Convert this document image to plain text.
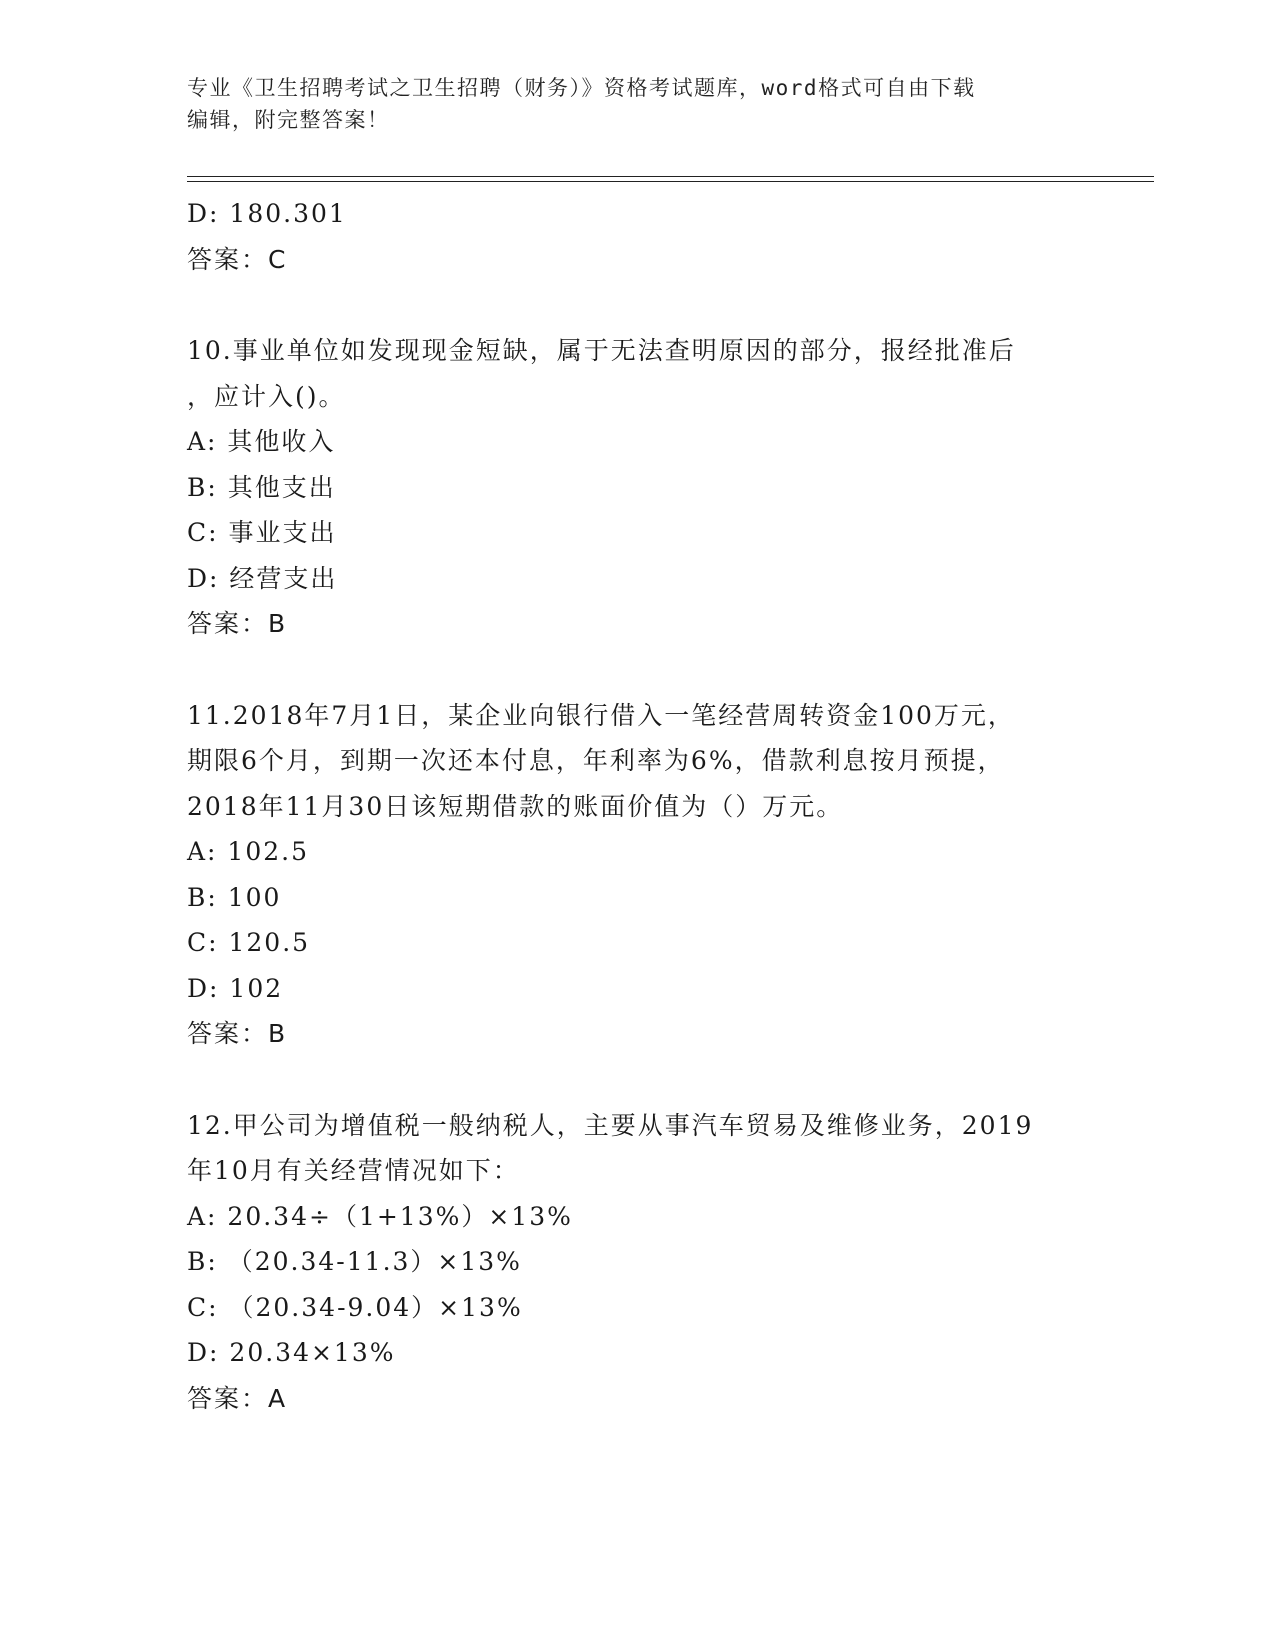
专业《卫生招聘考试之卫生招聘（财务）》资格考试题库，word格式可自由下载
编辑，附完整答案！
D: 180.301
答案：C
10.事业单位如发现现金短缺，属于无法查明原因的部分，报经批准后
，应计入()。
A: 其他收入
B: 其他支出
C: 事业支出
D: 经营支出
答案：B
11.2018年7月1日，某企业向银行借入一笔经营周转资金100万元，
期限6个月，到期一次还本付息，年利率为6%，借款利息按月预提，
2018年11月30日该短期借款的账面价值为（）万元。
A: 102.5
B: 100
C: 120.5
D: 102
答案：B
12.甲公司为增值税一般纳税人，主要从事汽车贸易及维修业务，2019
年10月有关经营情况如下：
A: 20.34÷（1+13%）×13%
B: （20.34-11.3）×13%
C: （20.34-9.04）×13%
D: 20.34×13%
答案：A
